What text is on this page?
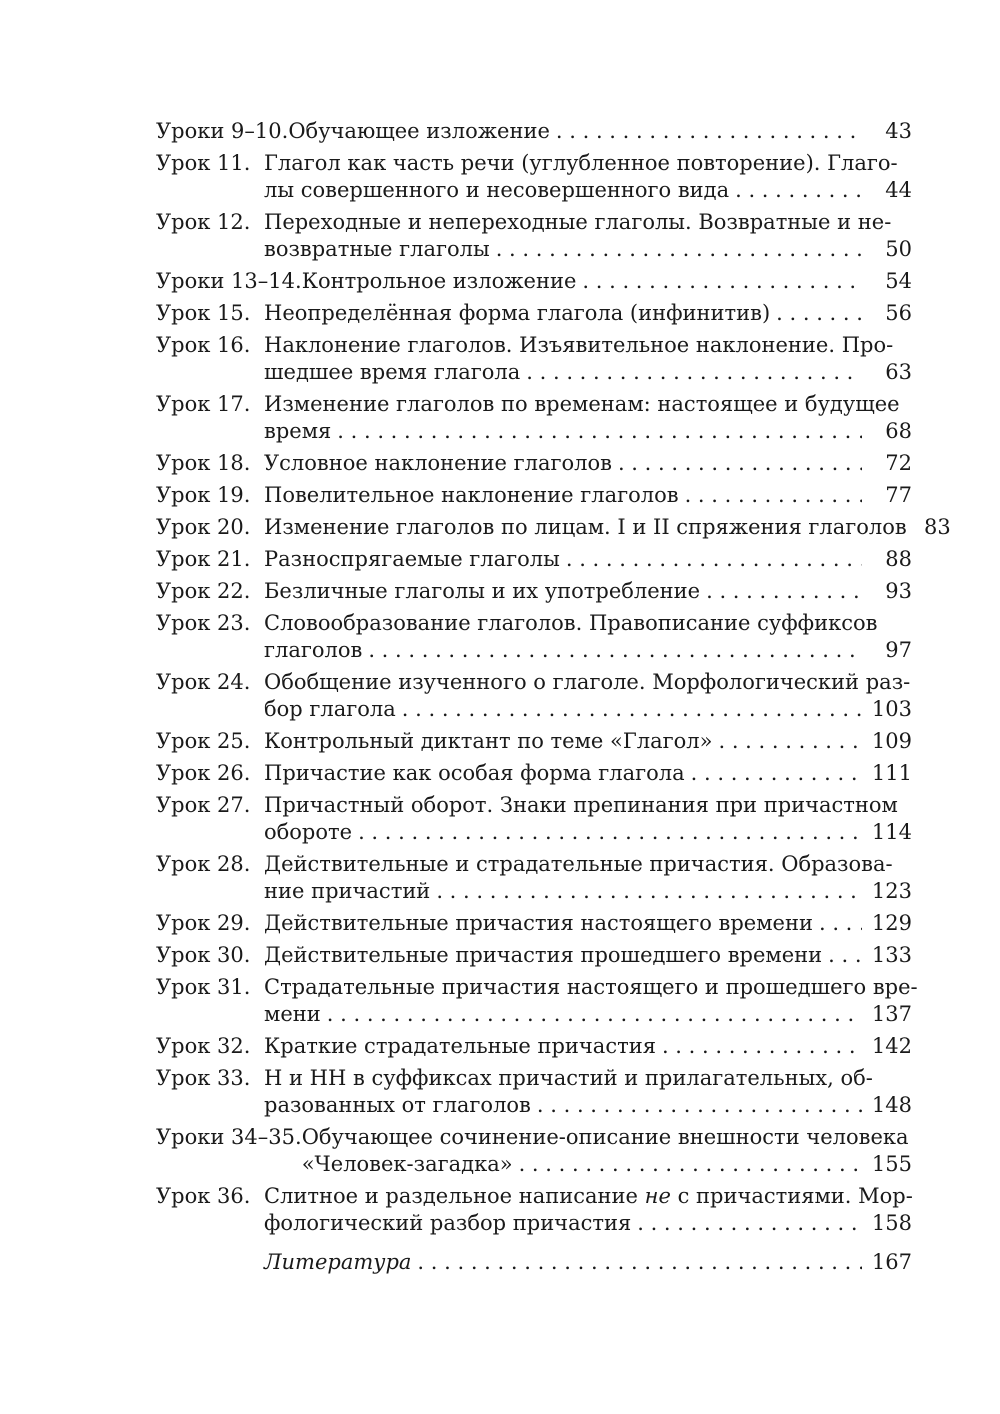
Уроки 9–10. Обучающее изложение . . .	43
Урок 11. Глагол как часть речи (углубленное повторение). Глаго-
лы совершенного и несовершенного вида . . .	44
Урок 12. Переходные и непереходные глаголы. Возвратные и не-
возвратные глаголы . . .	50
Уроки 13–14. Контрольное изложение . . .	54
Урок 15. Неопределённая форма глагола (инфинитив) . . .	56
Урок 16. Наклонение глаголов. Изъявительное наклонение. Про-
шедшее время глагола . . .	63
Урок 17. Изменение глаголов по временам: настоящее и будущее
время . . .	68
Урок 18. Условное наклонение глаголов . . .	72
Урок 19. Повелительное наклонение глаголов . . .	77
Урок 20. Изменение глаголов по лицам. I и II спряжения глаголов 83
Урок 21. Разноспрягаемые глаголы . . .	88
Урок 22. Безличные глаголы и их употребление . . .	93
Урок 23. Словообразование глаголов. Правописание суффиксов
глаголов . . .	97
Урок 24. Обобщение изученного о глаголе. Морфологический раз-
бор глагола . . .	103
Урок 25. Контрольный диктант по теме «Глагол» . . .	109
Урок 26. Причастие как особая форма глагола . . .	111
Урок 27. Причастный оборот. Знаки препинания при причастном
обороте . . .	114
Урок 28. Действительные и страдательные причастия. Образова-
ние причастий . . .	123
Урок 29. Действительные причастия настоящего времени . . .	129
Урок 30. Действительные причастия прошедшего времени . . . 133
Урок 31. Страдательные причастия настоящего и прошедшего вре-
мени . . .	137
Урок 32. Краткие страдательные причастия . . .	142
Урок 33. Н и НН в суффиксах причастий и прилагательных, об-
разованных от глаголов . . .	148
Уроки 34–35. Обучающее сочинение-описание внешности человека
«Человек-загадка» . . .	155
Урок 36. Слитное и раздельное написание не с причастиями. Мор-
фологический разбор причастия . . .	158
Литература . . .	167
